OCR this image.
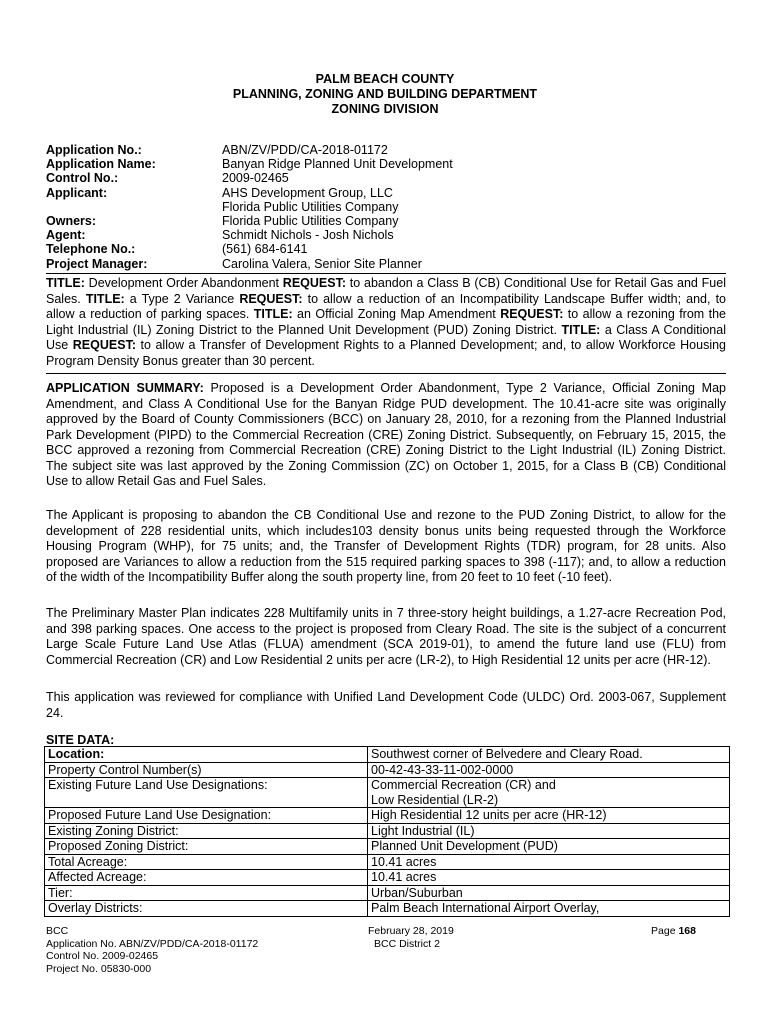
PALM BEACH COUNTY
PLANNING, ZONING AND BUILDING DEPARTMENT
ZONING DIVISION
Application No.:	ABN/ZV/PDD/CA-2018-01172
Application Name:	Banyan Ridge Planned Unit Development
Control No.:	2009-02465
Applicant:	AHS Development Group, LLC
Florida Public Utilities Company
Owners:	Florida Public Utilities Company
Agent:	Schmidt Nichols - Josh Nichols
Telephone No.:	(561) 684-6141
Project Manager:	Carolina Valera, Senior Site Planner
TITLE: Development Order Abandonment REQUEST: to abandon a Class B (CB) Conditional Use for Retail Gas and Fuel Sales. TITLE: a Type 2 Variance REQUEST: to allow a reduction of an Incompatibility Landscape Buffer width; and, to allow a reduction of parking spaces. TITLE: an Official Zoning Map Amendment REQUEST: to allow a rezoning from the Light Industrial (IL) Zoning District to the Planned Unit Development (PUD) Zoning District. TITLE: a Class A Conditional Use REQUEST: to allow a Transfer of Development Rights to a Planned Development; and, to allow Workforce Housing Program Density Bonus greater than 30 percent.
APPLICATION SUMMARY: Proposed is a Development Order Abandonment, Type 2 Variance, Official Zoning Map Amendment, and Class A Conditional Use for the Banyan Ridge PUD development. The 10.41-acre site was originally approved by the Board of County Commissioners (BCC) on January 28, 2010, for a rezoning from the Planned Industrial Park Development (PIPD) to the Commercial Recreation (CRE) Zoning District. Subsequently, on February 15, 2015, the BCC approved a rezoning from Commercial Recreation (CRE) Zoning District to the Light Industrial (IL) Zoning District. The subject site was last approved by the Zoning Commission (ZC) on October 1, 2015, for a Class B (CB) Conditional Use to allow Retail Gas and Fuel Sales.
The Applicant is proposing to abandon the CB Conditional Use and rezone to the PUD Zoning District, to allow for the development of 228 residential units, which includes103 density bonus units being requested through the Workforce Housing Program (WHP), for 75 units; and, the Transfer of Development Rights (TDR) program, for 28 units. Also proposed are Variances to allow a reduction from the 515 required parking spaces to 398 (-117); and, to allow a reduction of the width of the Incompatibility Buffer along the south property line, from 20 feet to 10 feet (-10 feet).
The Preliminary Master Plan indicates 228 Multifamily units in 7 three-story height buildings, a 1.27-acre Recreation Pod, and 398 parking spaces. One access to the project is proposed from Cleary Road. The site is the subject of a concurrent Large Scale Future Land Use Atlas (FLUA) amendment (SCA 2019-01), to amend the future land use (FLU) from Commercial Recreation (CR) and Low Residential 2 units per acre (LR-2), to High Residential 12 units per acre (HR-12).
This application was reviewed for compliance with Unified Land Development Code (ULDC) Ord. 2003-067, Supplement 24.
SITE DATA:
Location:	Southwest corner of Belvedere and Cleary Road.
Property Control Number(s)	00-42-43-33-11-002-0000
Existing Future Land Use Designations:	Commercial Recreation (CR) and
Low Residential (LR-2)

Proposed Future Land Use Designation:	High Residential 12 units per acre (HR-12)
Existing Zoning District:	Light Industrial (IL)
Proposed Zoning District:	Planned Unit Development (PUD)
Total Acreage:	10.41 acres
Affected Acreage:	10.41 acres
Tier:	Urban/Suburban
Overlay Districts:	Palm Beach International Airport Overlay,
BCC
Application No. ABN/ZV/PDD/CA-2018-01172
Control No. 2009-02465
Project No. 05830-000
February 28, 2019
BCC District 2
Page 168
